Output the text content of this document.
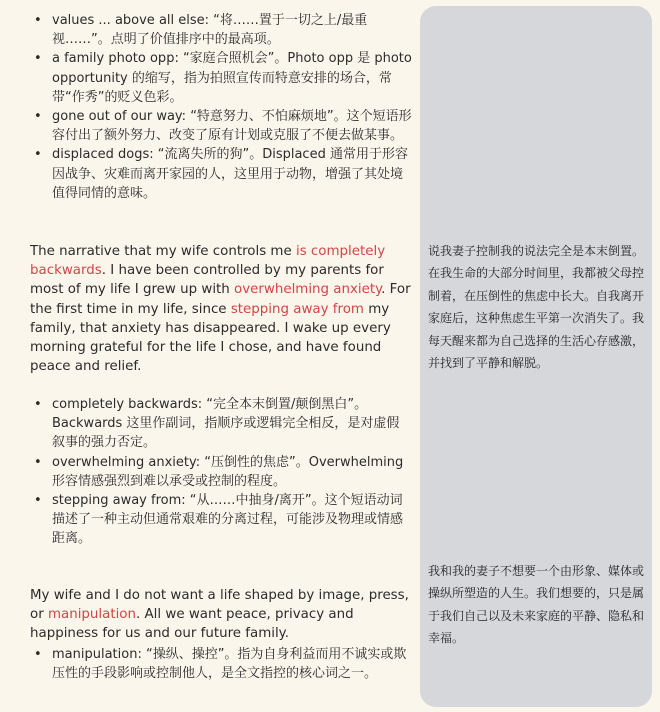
• values ... above all else: “将……置于一切之上/最重视……”。点明了价值排序中的最高项。
• a family photo opp: “家庭合照机会”。Photo opp 是 photo opportunity 的缩写，指为拍照宣传而特意安排的场合，常带“作秀”的贬义色彩。
• gone out of our way: “特意努力、不怕麻烦地”。这个短语形容付出了额外努力、改变了原有计划或克服了不便去做某事。
• displaced dogs: “流离失所的狗”。Displaced 通常用于形容因战争、灾难而离开家园的人，这里用于动物，增强了其处境值得同情的意味。

The narrative that my wife controls me is completely backwards. I have been controlled by my parents for most of my life I grew up with overwhelming anxiety. For the first time in my life, since stepping away from my family, that anxiety has disappeared. I wake up every morning grateful for the life I chose, and have found peace and relief.

• completely backwards: “完全本末倒置/颠倒黑白”。Backwards 这里作副词，指顺序或逻辑完全相反，是对虚假叙事的强力否定。
• overwhelming anxiety: “压倒性的焦虑”。Overwhelming 形容情感强烈到难以承受或控制的程度。
• stepping away from: “从……中抽身/离开”。这个短语动词描述了一种主动但通常艰难的分离过程，可能涉及物理或情感距离。

My wife and I do not want a life shaped by image, press, or manipulation. All we want peace, privacy and happiness for us and our future family.

• manipulation: “操纵、操控”。指为自身利益而用不诚实或欺压性的手段影响或控制他人，是全文指控的核心词之一。

说我妻子控制我的说法完全是本末倒置。在我生命的大部分时间里，我都被父母控制着，在压倒性的焦虑中长大。自我离开家庭后，这种焦虑生平第一次消失了。我每天醒来都为自己选择的生活心存感激，并找到了平静和解脱。

我和我的妻子不想要一个由形象、媒体或操纵所塑造的人生。我们想要的，只是属于我们自己以及未来家庭的平静、隐私和幸福。
